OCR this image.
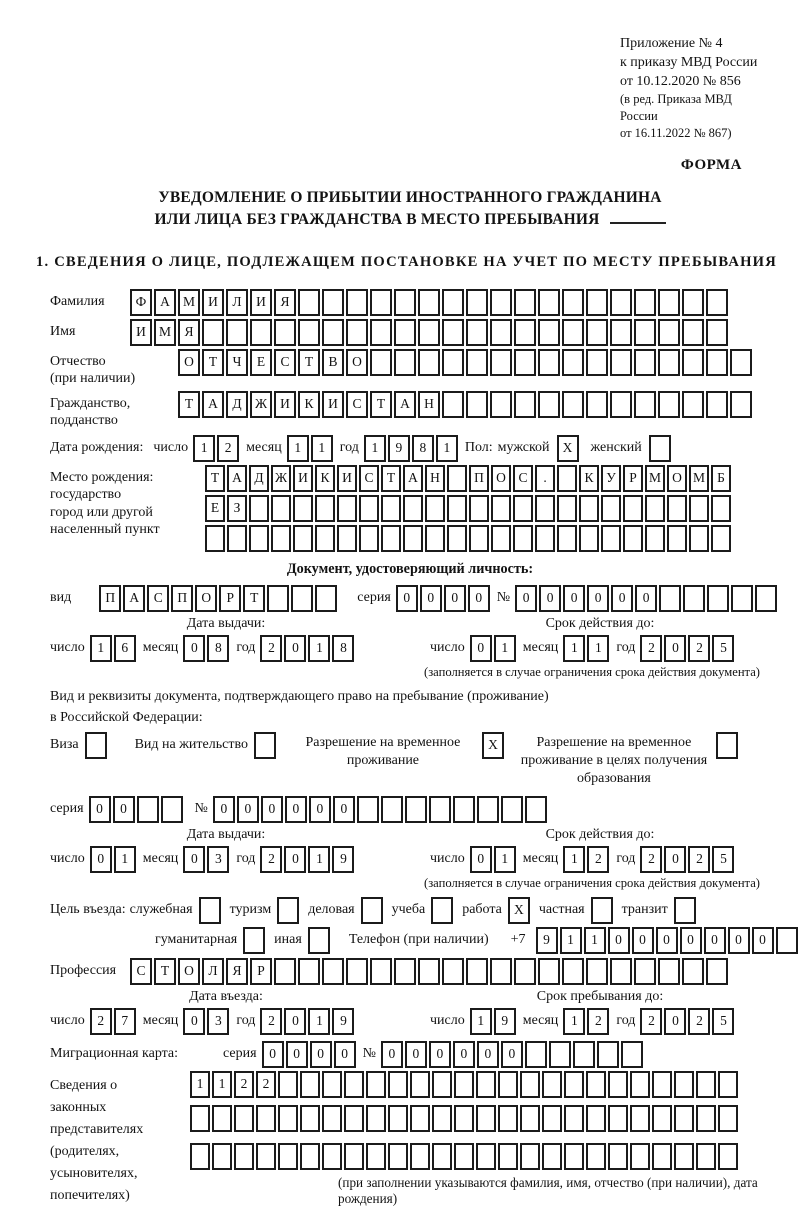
Приложение № 4
к приказу МВД России
от 10.12.2020 № 856
(в ред. Приказа МВД России
от 16.11.2022 № 867)
ФОРМА
УВЕДОМЛЕНИЕ О ПРИБЫТИИ ИНОСТРАННОГО ГРАЖДАНИНА
ИЛИ ЛИЦА БЕЗ ГРАЖДАНСТВА В МЕСТО ПРЕБЫВАНИЯ
1. СВЕДЕНИЯ О ЛИЦЕ, ПОДЛЕЖАЩЕМ ПОСТАНОВКЕ НА УЧЕТ ПО МЕСТУ ПРЕБЫВАНИЯ
Фамилия	Ф	А М И	Л	И	Я
Имя	И М Я
Отчество
(при наличии)
О	Т	Ч	Е	С	Т	В	О
Гражданство,
подданство
Т	А	Д Ж И	К	И	С	Т	А	Н
Дата рождения: число 1	2	месяц 1	1	год 1	9	8	1	Пол: мужской X	женский
Место рождения:
государство
город или другой
населенный пункт
Т А Д Ж И К И С Т А Н	П О С	.	К У Р М О М Б
Е	З
Документ, удостоверяющий личность:
вид	П	А	С	П	О	Р	Т	серия 0	0	0	0	№ 0	0	0	0	0	0
Дата выдачи:
число 1	6	месяц 0	8	год 2	0	1	8
Срок действия до:
число 0	1	месяц 1	1	год 2	0	2	5
(заполняется в случае ограничения срока действия документа)
Вид и реквизиты документа, подтверждающего право на пребывание (проживание)
в Российской Федерации:
Виза	Вид на жительство	Разрешение на временное проживание
X	Разрешение на временное проживание в целях получения образования
серия 0	0	№ 0	0	0	0	0	0
Дата выдачи:
число 0	1	месяц 0	3	год 2	0	1	9
Срок действия до:
число 0	1	месяц 1	2	год 2	0	2	5
(заполняется в случае ограничения срока действия документа)
Цель въезда: служебная	туризм	деловая	учеба	работа X	частная	транзит
гуманитарная	иная	Телефон (при наличии) +7	9	1	1	0	0	0	0	0	0	0
Профессия	С	Т	О	Л	Я	Р
Дата въезда:
число 2	7	месяц 0	3	год 2	0	1	9
Срок пребывания до:
число 1	9	месяц 1	2	год 2	0	2	5
Миграционная карта:	серия 0	0	0	0	№ 0	0	0	0	0	0
Сведения о
законных
представителях
(родителях,
усыновителях,
попечителях)
1	1	2	2
(при заполнении указываются фамилия, имя, отчество (при наличии), дата рождения)
